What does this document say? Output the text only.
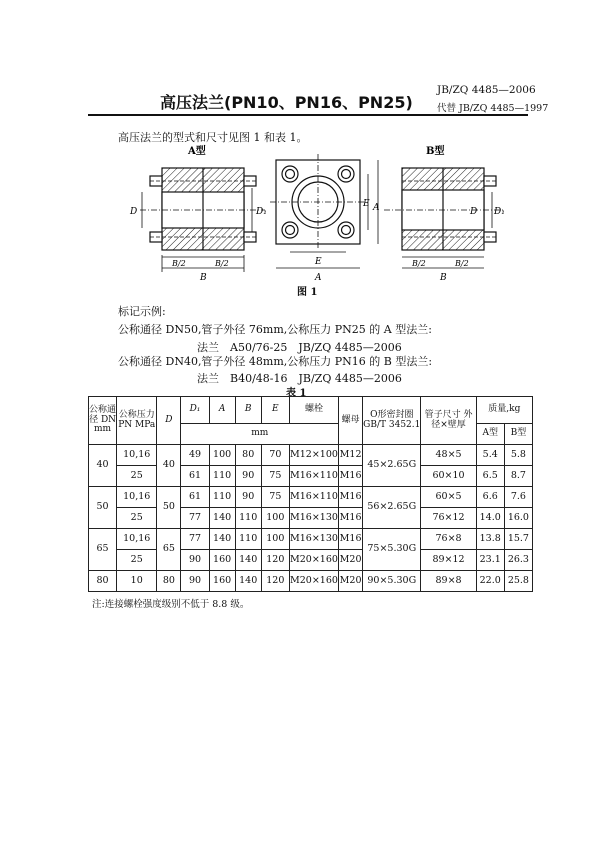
高压法兰(PN10、PN16、PN25)
JB/ZQ 4485—2006
代替 JB/ZQ 4485—1997
高压法兰的型式和尺寸见图 1 和表 1。
A型
D	D₁
B
B/2	B/2	E
A
E A
B型
D D₁
B
B/2	B/2
图 1
标记示例:
公称通径 DN50,管子外径 76mm,公称压力 PN25 的 A 型法兰:
法兰　A50/76-25　JB/ZQ 4485—2006
公称通径 DN40,管子外径 48mm,公称压力 PN16 的 B 型法兰:
法兰　B40/48-16　JB/ZQ 4485—2006
表 1
公称通径 DN mm	公称压力 PN MPa	D	D₁	A	B	E	螺栓	螺母	O形密封圈 GB/T 3452.1	管子尺寸 外径×壁厚	质量,kg	
			mm								A型	B型
40	10,16	40	49	100	80	70	M12×100	M12	45×2.65G	48×5	5.4	5.8
	25		61	110	90	75	M16×110	M16		60×10	6.5	8.7
50	10,16	50	61	110	90	75	M16×110	M16	56×2.65G	60×5	6.6	7.6
	25		77	140	110	100	M16×130	M16		76×12	14.0	16.0
65	10,16	65	77	140	110	100	M16×130	M16	75×5.30G	76×8	13.8	15.7
	25		90	160	140	120	M20×160	M20		89×12	23.1	26.3
80	10	80	90	160	140	120	M20×160	M20	90×5.30G	89×8	22.0	25.8
注:连接螺栓强度级别不低于 8.8 级。
